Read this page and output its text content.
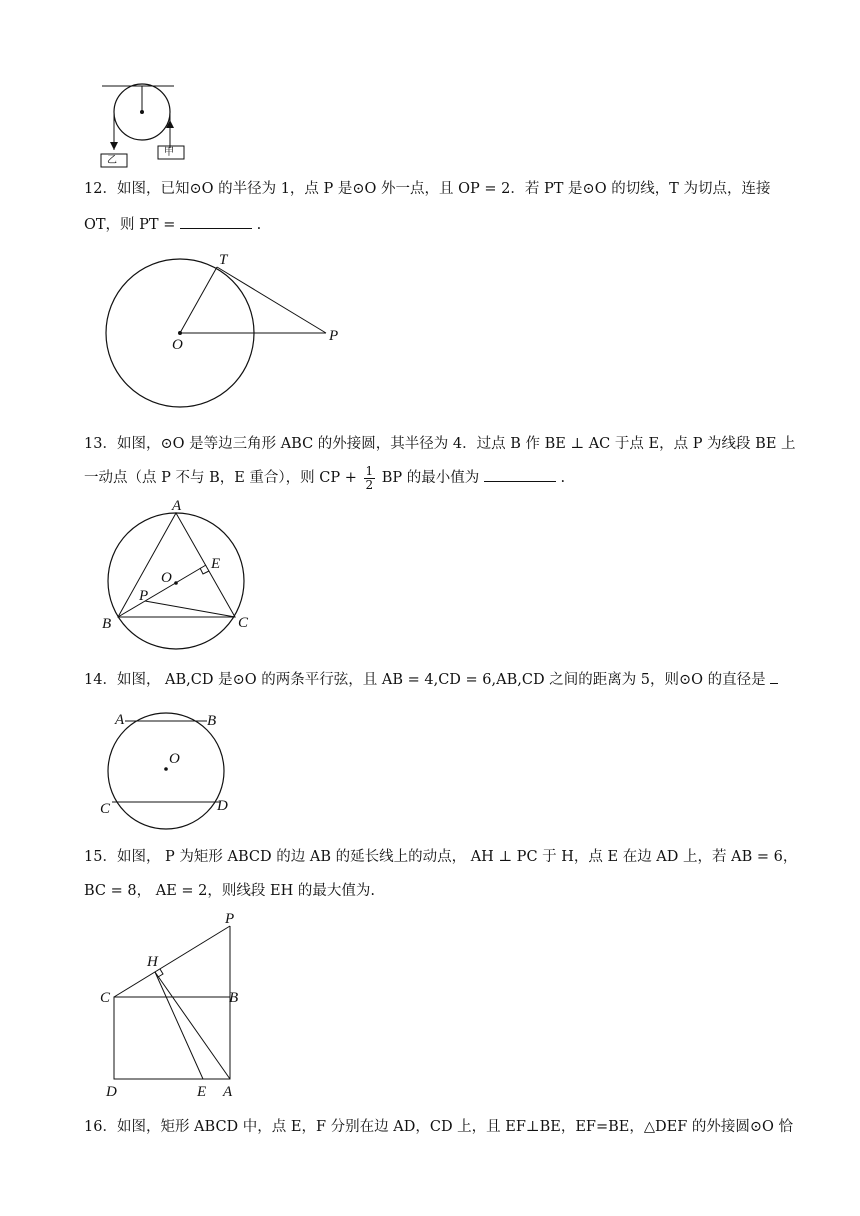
乙
甲
12．如图，已知⊙O 的半径为 1，点 P 是⊙O 外一点，且 OP = 2．若 PT 是⊙O 的切线，T 为切点，连接
OT，则 PT =	.
T
O
P
13．如图，⊙O 是等边三角形 ABC 的外接圆，其半径为 4．过点 B 作 BE ⊥ AC 于点 E，点 P 为线段 BE 上
一动点（点 P 不与 B，E 重合），则 CP + $\frac{1}{2}$ BP 的最小值为	.
A
E
O
P
B	C
14．如图， AB,CD 是⊙O 的两条平行弦，且 AB = 4,CD = 6,AB,CD 之间的距离为 5，则⊙O 的直径是
A	B
O
C	D
15．如图， P 为矩形 ABCD 的边 AB 的延长线上的动点， AH ⊥ PC 于 H，点 E 在边 AD 上，若 AB = 6，
BC = 8， AE = 2，则线段 EH 的最大值为.
P
H
C	B
D	E A
16．如图，矩形 ABCD 中，点 E，F 分别在边 AD，CD 上，且 EF⊥BE，EF=BE，△DEF 的外接圆⊙O 恰
